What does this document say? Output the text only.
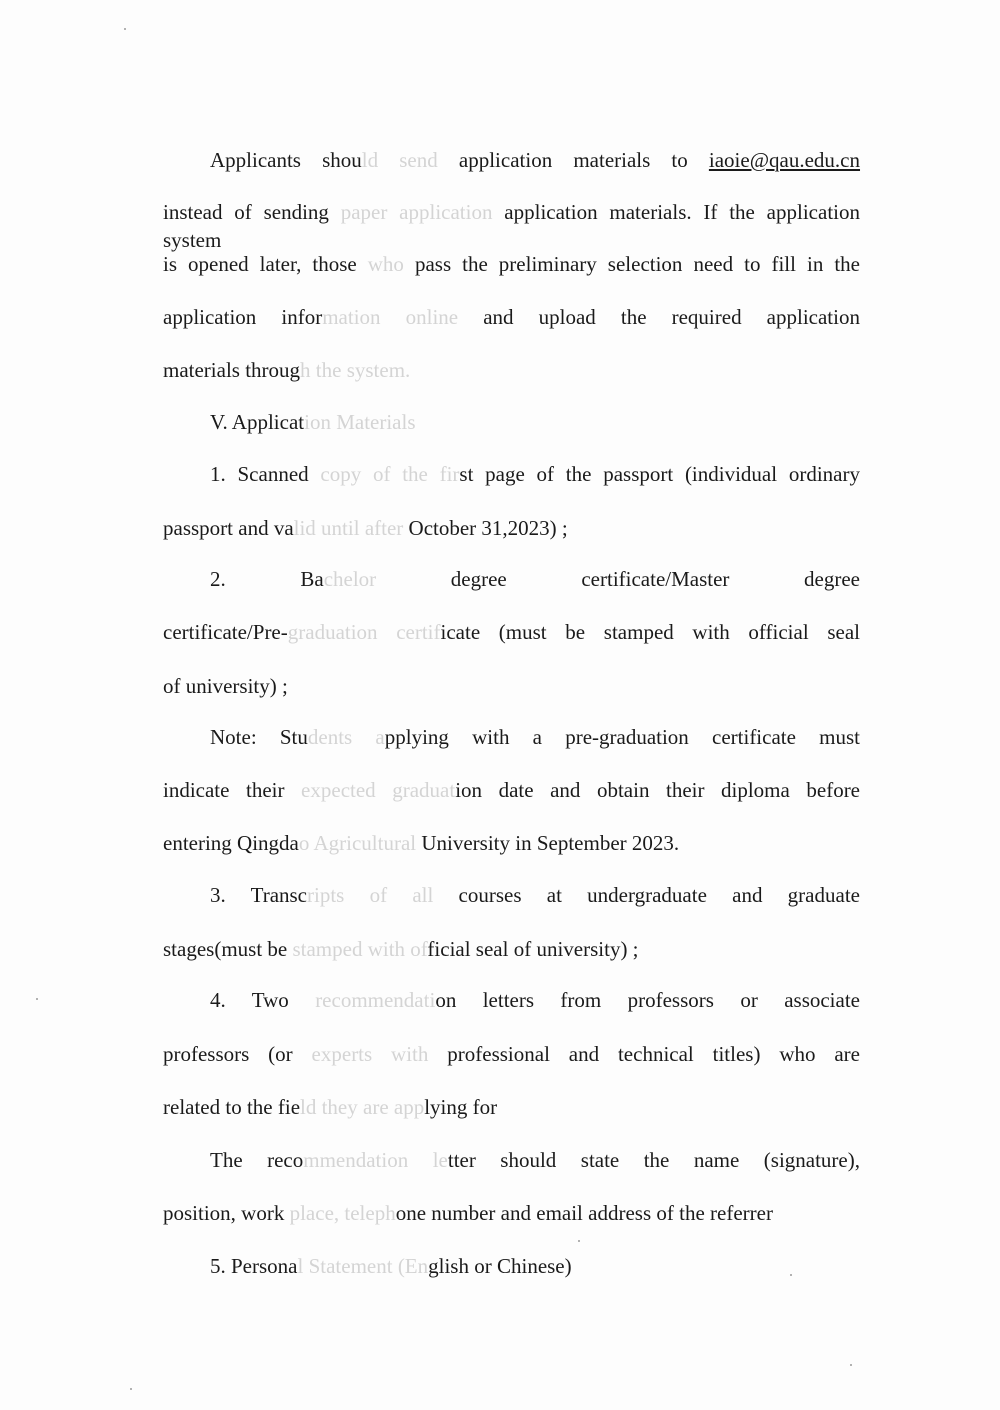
Applicants should send application materials to iaoie@qau.edu.cn
instead of sending paper application application materials. If the application system
is opened later, those who pass the preliminary selection need to fill in the
application information online and upload the required application
materials through the system.
V. Application Materials
1. Scanned copy of the first page of the passport (individual ordinary
passport and valid until after October 31,2023) ;
2. Bachelor degree certificate/Master degree
certificate/Pre-graduation certificate (must be stamped with official seal
of university) ;
Note: Students applying with a pre-graduation certificate must
indicate their expected graduation date and obtain their diploma before
entering Qingdao Agricultural University in September 2023.
3. Transcripts of all courses at undergraduate and graduate
stages(must be stamped with official seal of university) ;
4. Two recommendation letters from professors or associate
professors (or experts with professional and technical titles) who are
related to the field they are applying for
The recommendation letter should state the name (signature),
position, work place, telephone number and email address of the referrer
5. Personal Statement (English or Chinese)
